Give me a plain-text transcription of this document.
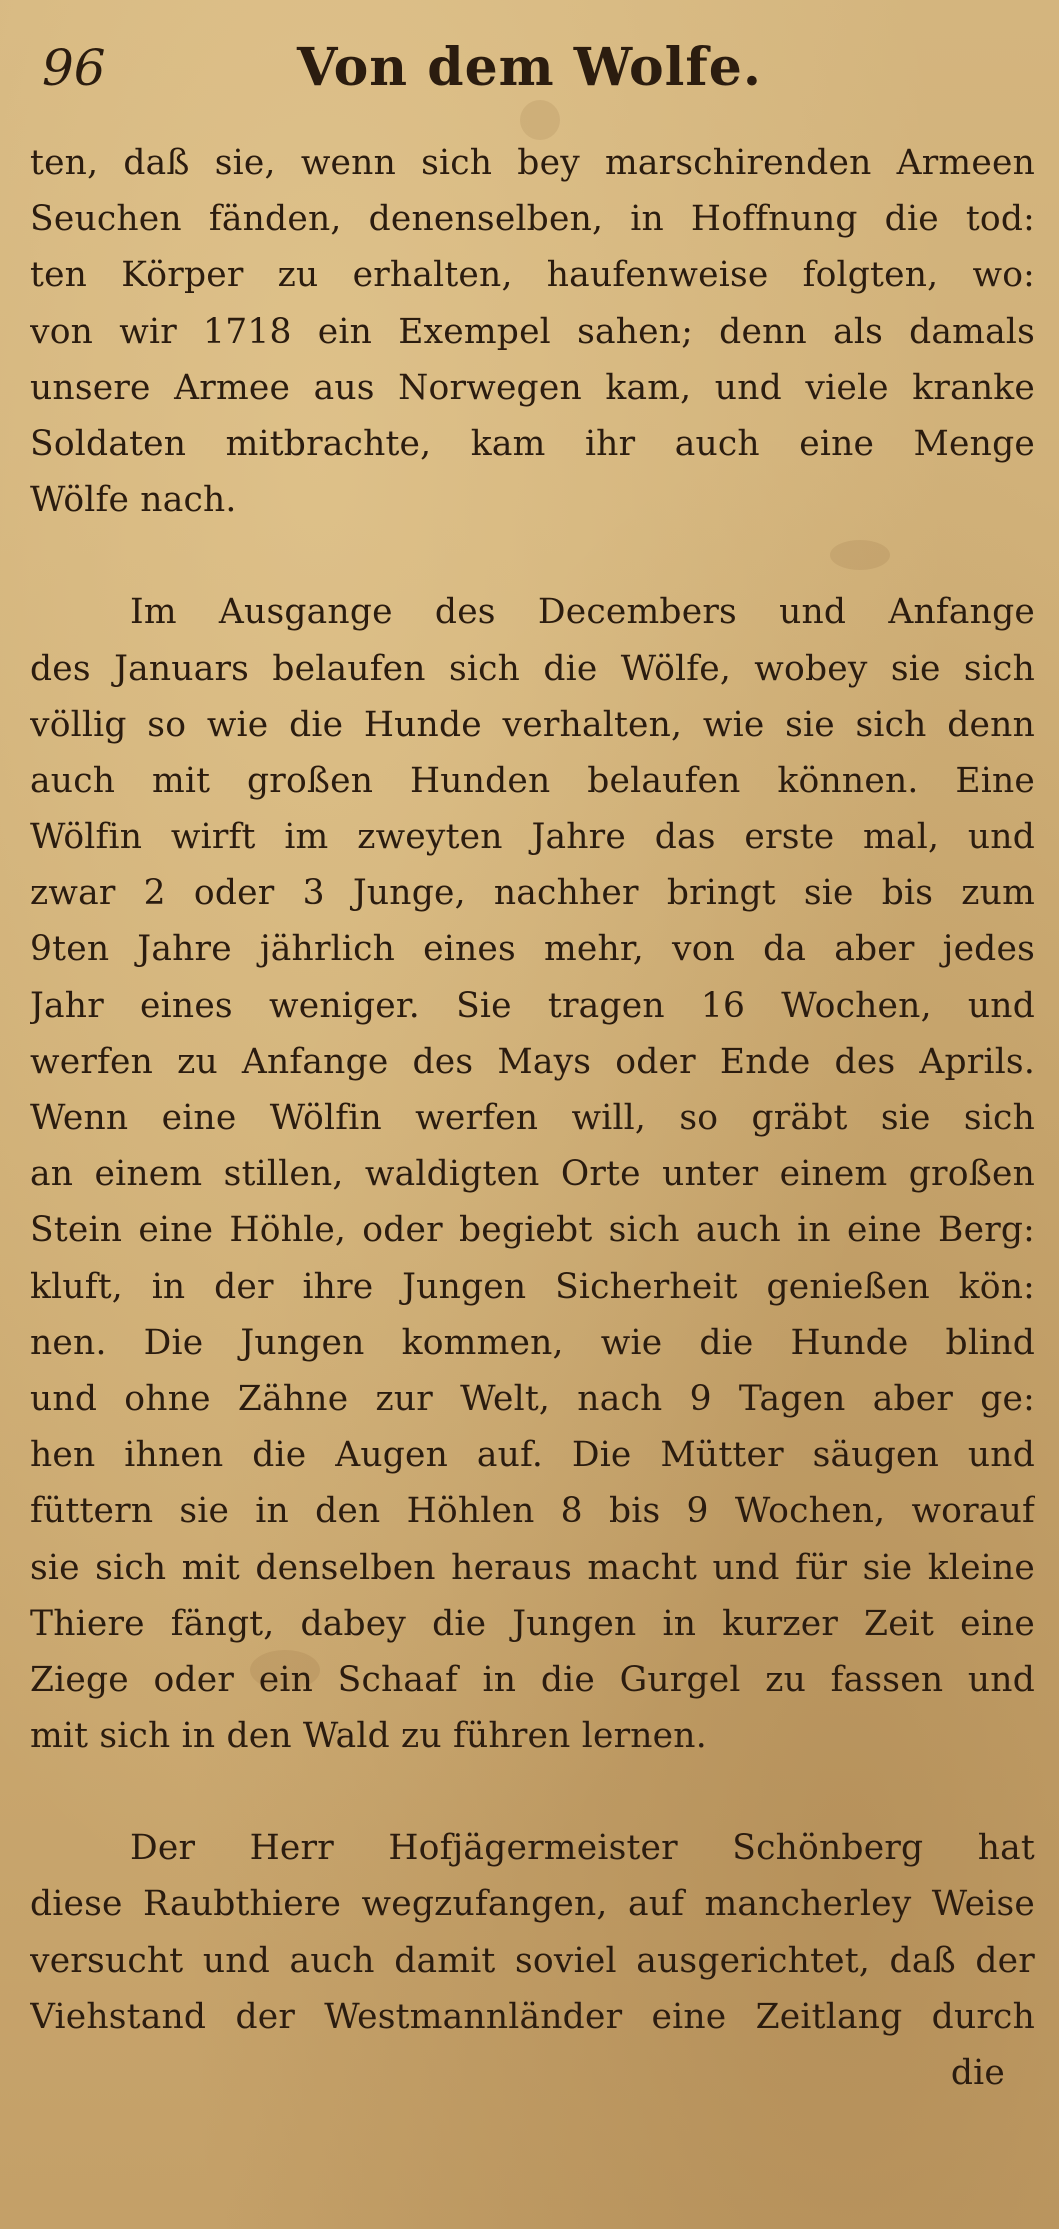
96	Von dem Wolfe.
ten, daß sie, wenn sich bey marschirenden Armeen
Seuchen fänden, denenselben, in Hoffnung die tod:
ten Körper zu erhalten, haufenweise folgten, wo:
von wir 1718 ein Exempel sahen; denn als damals
unsere Armee aus Norwegen kam, und viele kranke
Soldaten mitbrachte, kam ihr auch eine Menge
Wölfe nach.
Im Ausgange des Decembers und Anfange
des Januars belaufen sich die Wölfe, wobey sie sich
völlig so wie die Hunde verhalten, wie sie sich denn
auch mit großen Hunden belaufen können. Eine
Wölfin wirft im zweyten Jahre das erste mal, und
zwar 2 oder 3 Junge, nachher bringt sie bis zum
9ten Jahre jährlich eines mehr, von da aber jedes
Jahr eines weniger. Sie tragen 16 Wochen, und
werfen zu Anfange des Mays oder Ende des Aprils.
Wenn eine Wölfin werfen will, so gräbt sie sich
an einem stillen, waldigten Orte unter einem großen
Stein eine Höhle, oder begiebt sich auch in eine Berg:
kluft, in der ihre Jungen Sicherheit genießen kön:
nen. Die Jungen kommen, wie die Hunde blind
und ohne Zähne zur Welt, nach 9 Tagen aber ge:
hen ihnen die Augen auf. Die Mütter säugen und
füttern sie in den Höhlen 8 bis 9 Wochen, worauf
sie sich mit denselben heraus macht und für sie kleine
Thiere fängt, dabey die Jungen in kurzer Zeit eine
Ziege oder ein Schaaf in die Gurgel zu fassen und
mit sich in den Wald zu führen lernen.
Der Herr Hofjägermeister Schönberg hat
diese Raubthiere wegzufangen, auf mancherley Weise
versucht und auch damit soviel ausgerichtet, daß der
Viehstand der Westmannländer eine Zeitlang durch
die
